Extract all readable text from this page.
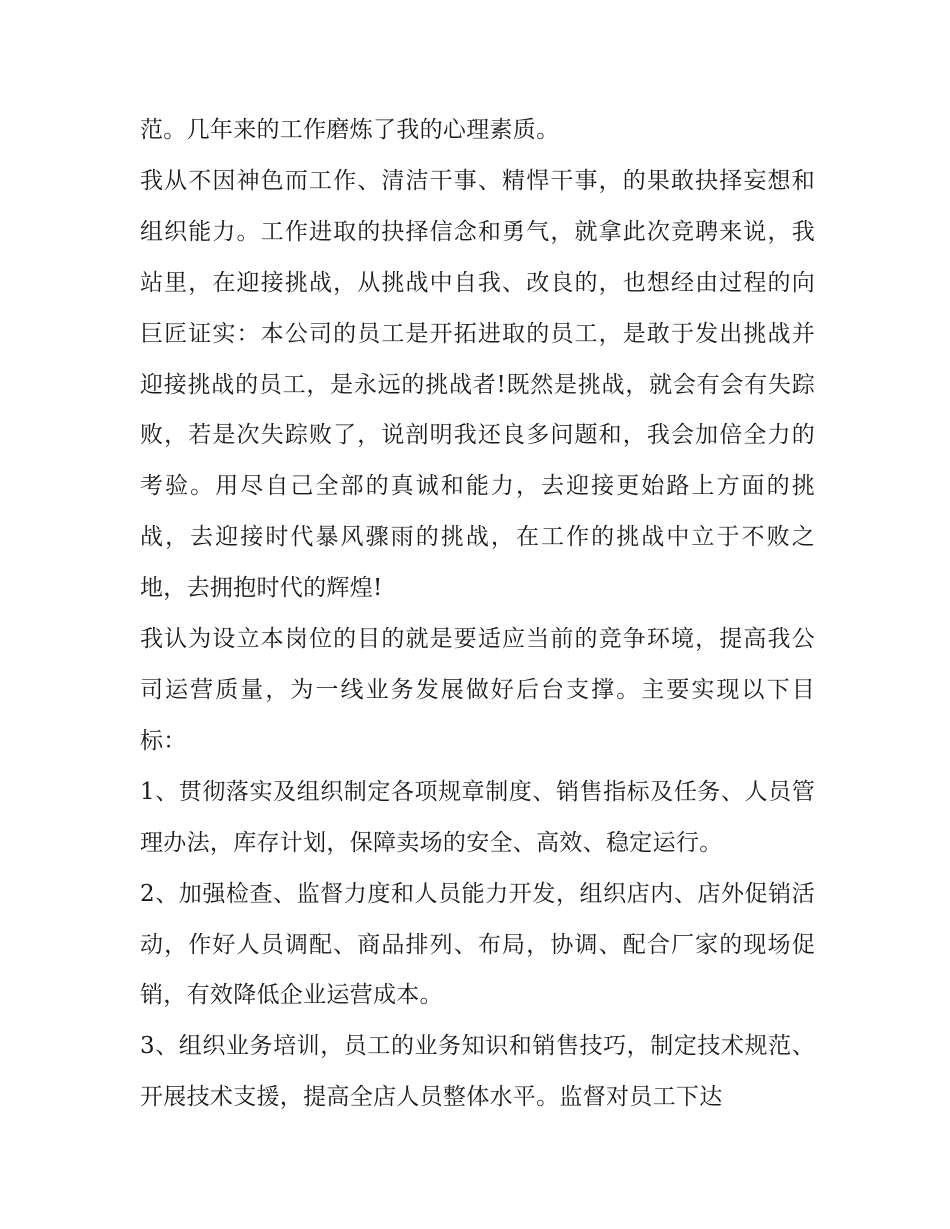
范。几年来的工作磨炼了我的心理素质。

我从不因神色而工作、清洁干事、精悍干事，的果敢抉择妄想和组织能力。工作进取的抉择信念和勇气，就拿此次竞聘来说，我站里，在迎接挑战，从挑战中自我、改良的，也想经由过程的向巨匠证实：本公司的员工是开拓进取的员工，是敢于发出挑战并迎接挑战的员工，是永远的挑战者!既然是挑战，就会有会有失踪败，若是次失踪败了，说剖明我还良多问题和，我会加倍全力的考验。用尽自己全部的真诚和能力，去迎接更始路上方面的挑战，去迎接时代暴风骤雨的挑战，在工作的挑战中立于不败之地，去拥抱时代的辉煌!

我认为设立本岗位的目的就是要适应当前的竞争环境，提高我公司运营质量，为一线业务发展做好后台支撑。主要实现以下目标：

1、贯彻落实及组织制定各项规章制度、销售指标及任务、人员管理办法，库存计划，保障卖场的安全、高效、稳定运行。

2、加强检查、监督力度和人员能力开发，组织店内、店外促销活动，作好人员调配、商品排列、布局，协调、配合厂家的现场促销，有效降低企业运营成本。

3、组织业务培训，员工的业务知识和销售技巧，制定技术规范、开展技术支援，提高全店人员整体水平。监督对员工下达
